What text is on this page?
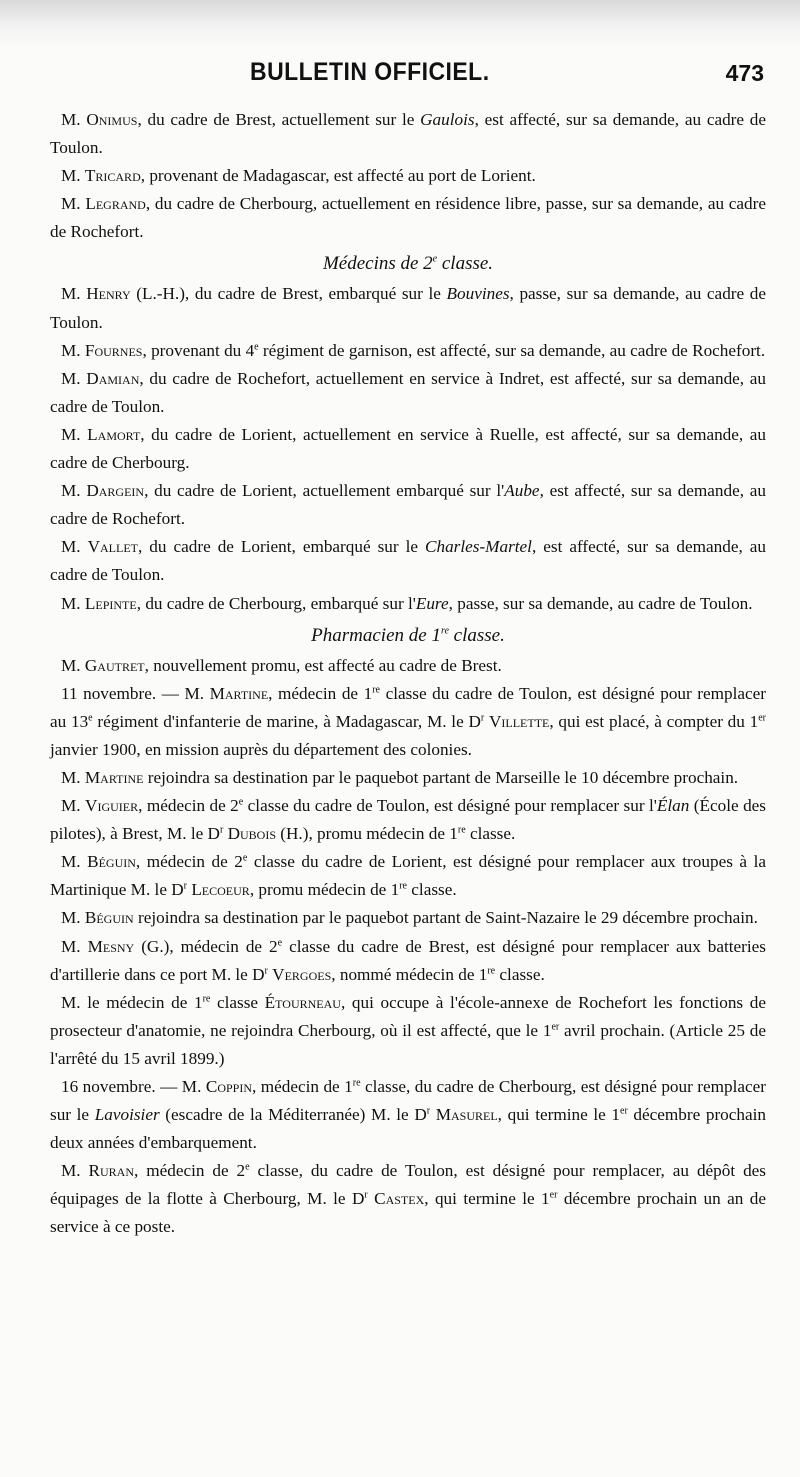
BULLETIN OFFICIEL.	473

M. Onimus, du cadre de Brest, actuellement sur le Gaulois, est affecté, sur sa demande, au cadre de Toulon.

M. Tricard, provenant de Madagascar, est affecté au port de Lorient.

M. Legrand, du cadre de Cherbourg, actuellement en résidence libre, passe, sur sa demande, au cadre de Rochefort.

Médecins de 2e classe.

M. Henry (L.-H.), du cadre de Brest, embarqué sur le Bouvines, passe, sur sa demande, au cadre de Toulon.

M. Fournes, provenant du 4e régiment de garnison, est affecté, sur sa demande, au cadre de Rochefort.

M. Damian, du cadre de Rochefort, actuellement en service à Indret, est affecté, sur sa demande, au cadre de Toulon.

M. Lamort, du cadre de Lorient, actuellement en service à Ruelle, est affecté, sur sa demande, au cadre de Cherbourg.

M. Dargein, du cadre de Lorient, actuellement embarqué sur l'Aube, est affecté, sur sa demande, au cadre de Rochefort.

M. Vallet, du cadre de Lorient, embarqué sur le Charles-Martel, est affecté, sur sa demande, au cadre de Toulon.

M. Lepinte, du cadre de Cherbourg, embarqué sur l'Eure, passe, sur sa demande, au cadre de Toulon.

Pharmacien de 1re classe.

M. Gautret, nouvellement promu, est affecté au cadre de Brest.

11 novembre. — M. Martine, médecin de 1re classe du cadre de Toulon, est désigné pour remplacer au 13e régiment d'infanterie de marine, à Madagascar, M. le $D^r$ Villette, qui est placé, à compter du 1er janvier 1900, en mission auprès du département des colonies.

M. Martine rejoindra sa destination par le paquebot partant de Marseille le 10 décembre prochain.

M. Viguier, médecin de 2e classe du cadre de Toulon, est désigné pour remplacer sur l'Élan (École des pilotes), à Brest, M. le $D^r$ Dubois (H.), promu médecin de 1re classe.

M. Béguin, médecin de 2e classe du cadre de Lorient, est désigné pour remplacer aux troupes à la Martinique M. le $D^r$ Lecoeur, promu médecin de 1re classe.

M. Béguin rejoindra sa destination par le paquebot partant de Saint-Nazaire le 29 décembre prochain.

M. Mesny (G.), médecin de 2e classe du cadre de Brest, est désigné pour remplacer aux batteries d'artillerie dans ce port M. le $D^r$ Vergoes, nommé médecin de 1re classe.

M. le médecin de 1re classe Étourneau, qui occupe à l'école-annexe de Rochefort les fonctions de prosecteur d'anatomie, ne rejoindra Cherbourg, où il est affecté, que le 1er avril prochain. (Article 25 de l'arrêté du 15 avril 1899.)

16 novembre. — M. Coppin, médecin de 1re classe, du cadre de Cherbourg, est désigné pour remplacer sur le Lavoisier (escadre de la Méditerranée) M. le $D^r$ Masurel, qui termine le 1er décembre prochain deux années d'embarquement.

M. Ruran, médecin de 2e classe, du cadre de Toulon, est désigné pour remplacer, au dépôt des équipages de la flotte à Cherbourg, M. le $D^r$ Castex, qui termine le 1er décembre prochain un an de service à ce poste.
